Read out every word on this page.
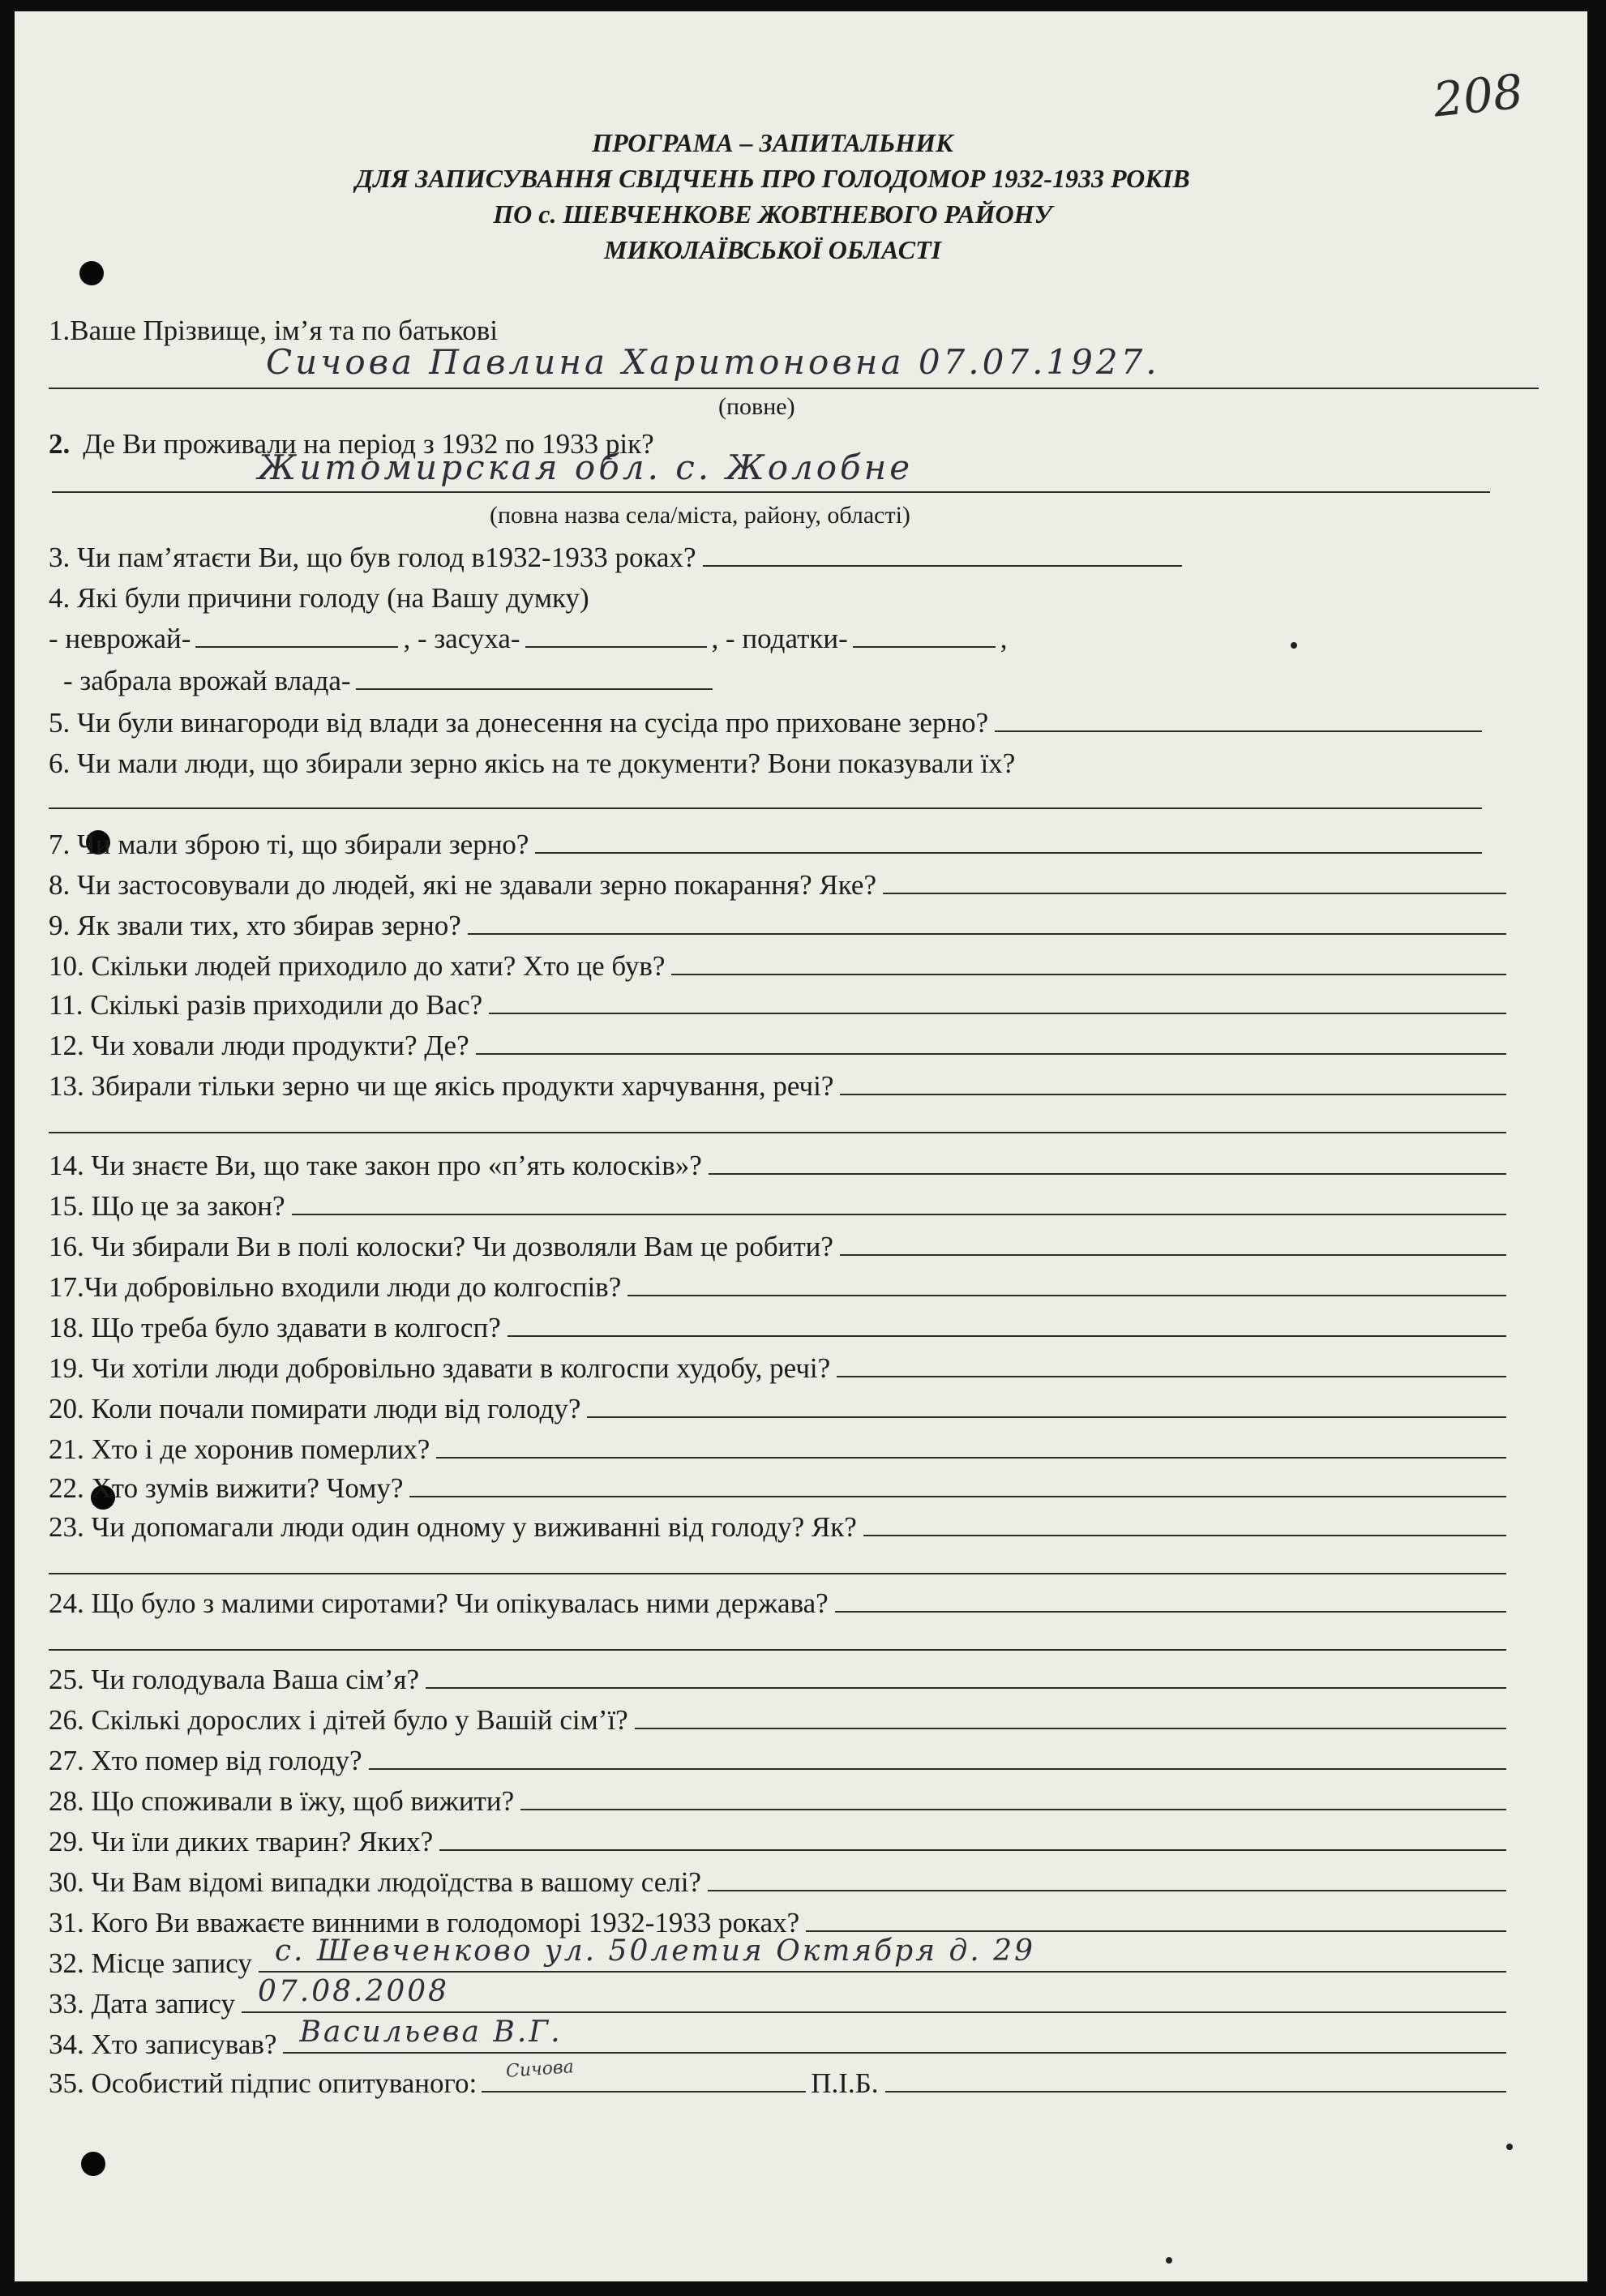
208
ПРОГРАМА – ЗАПИТАЛЬНИК
ДЛЯ ЗАПИСУВАННЯ СВІДЧЕНЬ ПРО ГОЛОДОМОР 1932-1933 РОКІВ
ПО с. ШЕВЧЕНКОВЕ ЖОВТНЕВОГО РАЙОНУ
МИКОЛАЇВСЬКОЇ ОБЛАСТІ
1.Ваше Прізвище, ім’я та по батькові
Сичова Павлина Харитоновна 07.07.1927.
(повне)
2. Де Ви проживали на період з 1932 по 1933 рік?
Житомирская обл. с. Жолобне
(повна назва села/міста, району, області)
3. Чи пам’ятаєти Ви, що був голод в1932-1933 роках?
4. Які були причини голоду (на Вашу думку)
- неврожай-	, - засуха-	, - податки-	,
- забрала врожай влада-
5. Чи були винагороди від влади за донесення на сусіда про приховане зерно?
6. Чи мали люди, що збирали зерно якісь на те документи? Вони показували їх?
7. Чи мали зброю ті, що збирали зерно?
8. Чи застосовували до людей, які не здавали зерно покарання? Яке?
9. Як звали тих, хто збирав зерно?
10. Скільки людей приходило до хати? Хто це був?
11. Скількі разів приходили до Вас?
12. Чи ховали люди продукти? Де?
13. Збирали тільки зерно чи ще якісь продукти харчування, речі?
14. Чи знаєте Ви, що таке закон про «п’ять колосків»?
15. Що це за закон?
16. Чи збирали Ви в полі колоски? Чи дозволяли Вам це робити?
17.Чи добровільно входили люди до колгоспів?
18. Що треба було здавати в колгосп?
19. Чи хотіли люди добровільно здавати в колгоспи худобу, речі?
20. Коли почали помирати люди від голоду?
21. Хто і де хоронив померлих?
22. Хто зумів вижити? Чому?
23. Чи допомагали люди один одному у виживанні від голоду? Як?
24. Що було з малими сиротами? Чи опікувалась ними держава?
25. Чи голодувала Ваша сім’я?
26. Скількі дорослих і дітей було у Вашій сім’ї?
27. Хто помер від голоду?
28. Що споживали в їжу, щоб вижити?
29. Чи їли диких тварин? Яких?
30. Чи Вам відомі випадки людоїдства в вашому селі?
31. Кого Ви вважаєте винними в голодоморі 1932-1933 роках?
32. Місце запису с. Шевченково ул. 50летия Октября д. 29
33. Дата запису 07.08.2008
34. Хто записував? Васильева В.Г.
35. Особистий підпис опитуваного: Сичова	П.І.Б.
